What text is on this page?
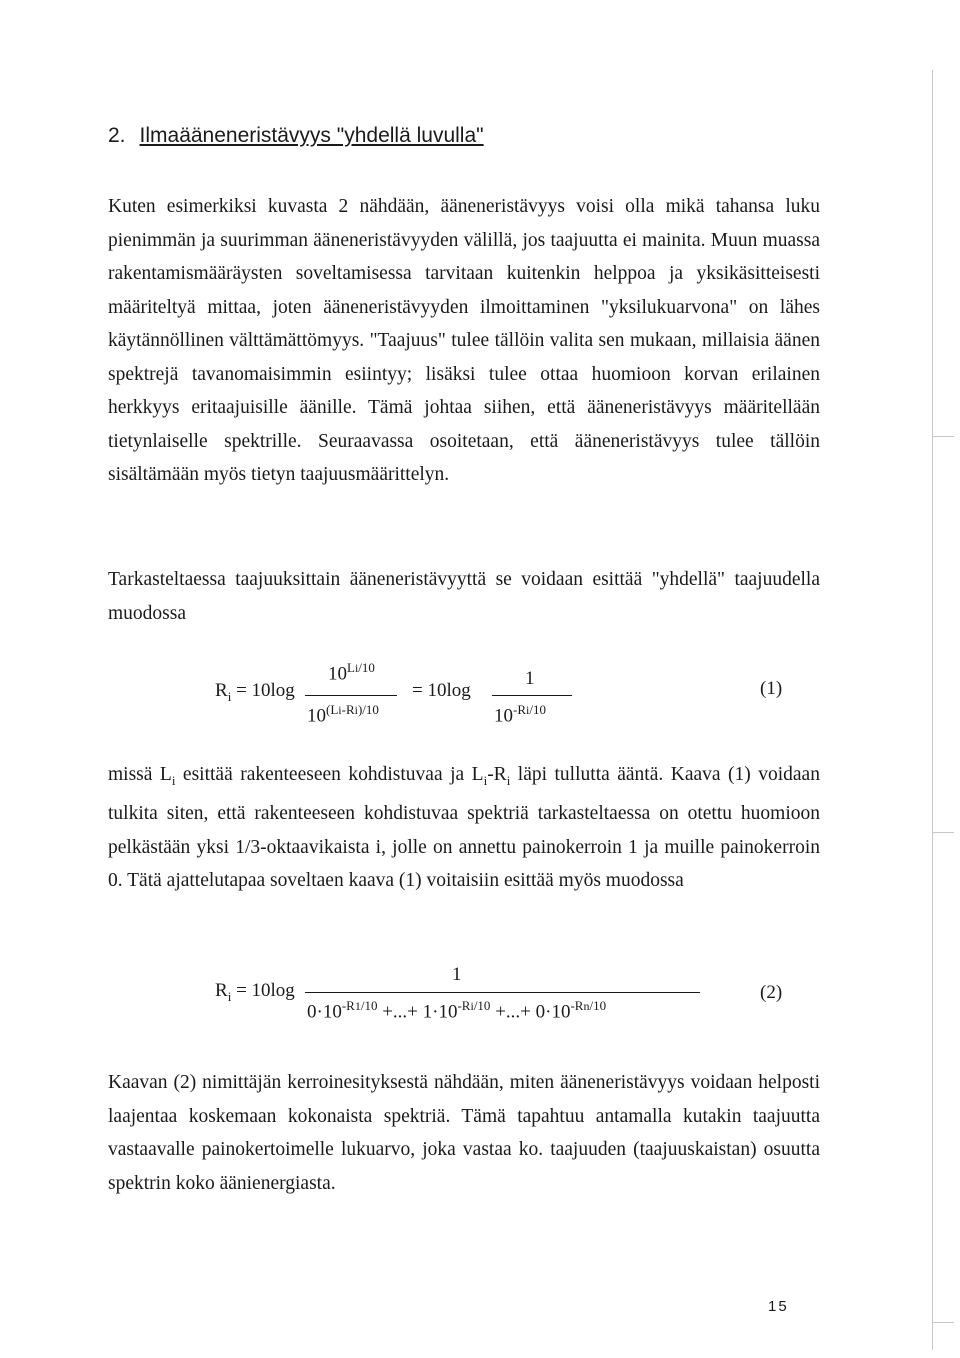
2. Ilmaääneneristävyys "yhdellä luvulla"

Kuten esimerkiksi kuvasta 2 nähdään, ääneneristävyys voisi olla mikä tahansa luku pienimmän ja suurimman ääneneristävyyden välillä, jos taajuutta ei mainita. Muun muassa rakentamismääräysten soveltamisessa tarvitaan kuitenkin helppoa ja yksikäsitteisesti määriteltyä mittaa, joten ääneneristävyyden ilmoittaminen "yksilukuarvona" on lähes käytännöllinen välttämättömyys. "Taajuus" tulee tällöin valita sen mukaan, millaisia äänen spektrejä tavanomaisimmin esiintyy; lisäksi tulee ottaa huomioon korvan erilainen herkkyys eritaajuisille äänille. Tämä johtaa siihen, että ääneneristävyys määritellään tietynlaiselle spektrille. Seuraavassa osoitetaan, että ääneneristävyys tulee tällöin sisältämään myös tietyn taajuusmäärittelyn.

Tarkasteltaessa taajuuksittain ääneneristävyyttä se voidaan esittää "yhdellä" taajuudella muodossa

$R_i = 10\log$
$10^{Li/10}$
$10^{(Li-Ri)/10}$
= 10log
1
$10^{-Ri/10}$
(1)

missä $L_i$ esittää rakenteeseen kohdistuvaa ja $L_i-R_i$ läpi tullutta ääntä. Kaava (1) voidaan tulkita siten, että rakenteeseen kohdistuvaa spektriä tarkasteltaessa on otettu huomioon pelkästään yksi 1/3-oktaavikaista i, jolle on annettu painokerroin 1 ja muille painokerroin 0. Tätä ajattelutapaa soveltaen kaava (1) voitaisiin esittää myös muodossa

$R_i = 10\log$
1
$0\cdot 10^{-R1/10}$ +...+ $1\cdot 10^{-Ri/10}$ +...+ $0\cdot 10^{-Rn/10}$
(2)

Kaavan (2) nimittäjän kerroinesityksestä nähdään, miten ääneneristävyys voidaan helposti laajentaa koskemaan kokonaista spektriä. Tämä tapahtuu antamalla kutakin taajuutta vastaavalle painokertoimelle lukuarvo, joka vastaa ko. taajuuden (taajuuskaistan) osuutta spektrin koko äänienergiasta.

15
